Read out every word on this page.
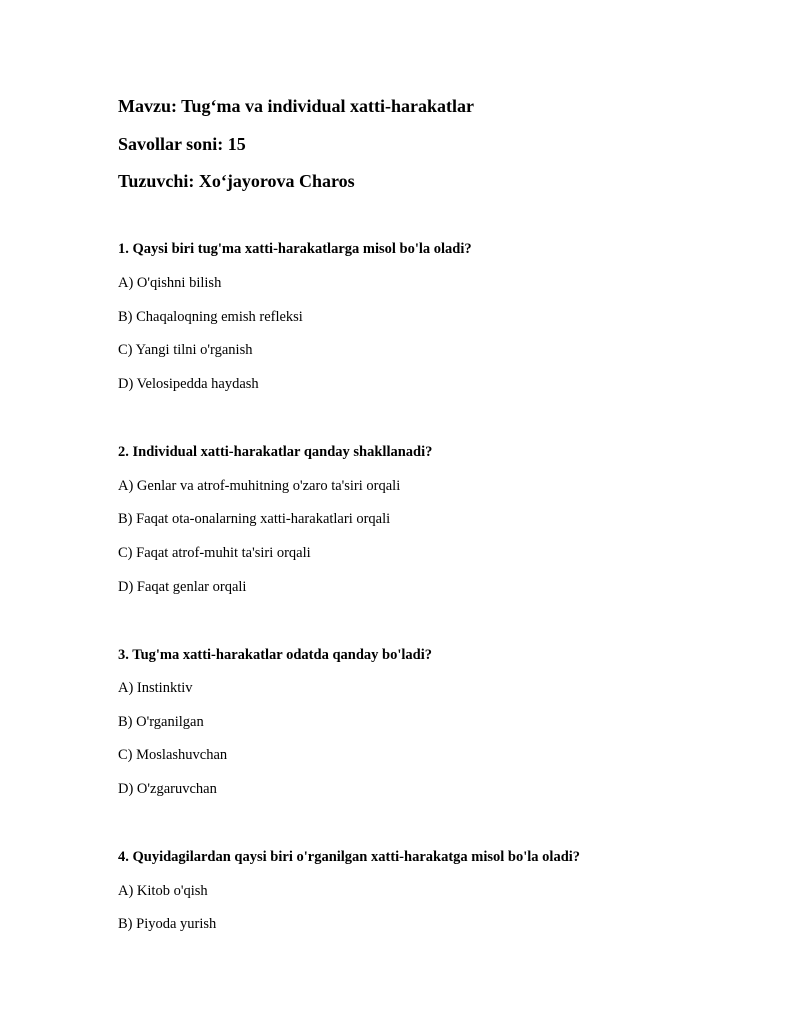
Mavzu: Tug‘ma va individual xatti-harakatlar
Savollar soni: 15
Tuzuvchi: Xo‘jayorova Charos
1. Qaysi biri tug'ma xatti-harakatlarga misol bo'la oladi?
A) O'qishni bilish
B) Chaqaloqning emish refleksi
C) Yangi tilni o'rganish
D) Velosipedda haydash
2. Individual xatti-harakatlar qanday shakllanadi?
A) Genlar va atrof-muhitning o'zaro ta'siri orqali
B) Faqat ota-onalarning xatti-harakatlari orqali
C) Faqat atrof-muhit ta'siri orqali
D) Faqat genlar orqali
3. Tug'ma xatti-harakatlar odatda qanday bo'ladi?
A) Instinktiv
B) O'rganilgan
C) Moslashuvchan
D) O'zgaruvchan
4. Quyidagilardan qaysi biri o'rganilgan xatti-harakatga misol bo'la oladi?
A) Kitob o'qish
B) Piyoda yurish
